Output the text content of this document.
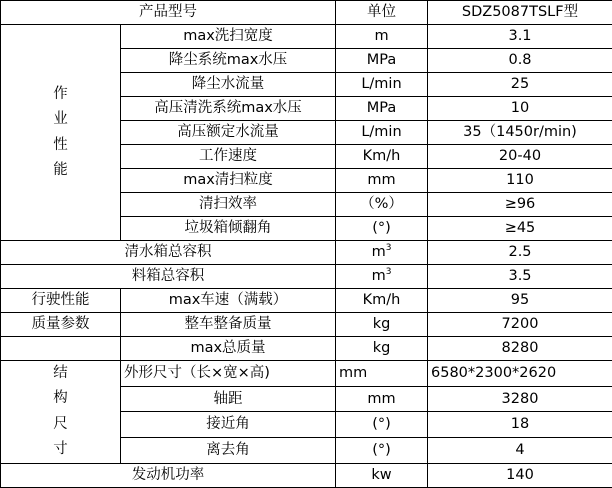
产品型号		单位	SDZ5087TSLF型
作
业
性
能	max洗扫宽度	m	3.1
	降尘系统max水压	MPa	0.8
	降尘水流量	L/min	25
	高压清洗系统max水压	MPa	10
	高压额定水流量	L/min	35（1450r/min)
	工作速度	Km/h	20-40
	max清扫粒度	mm	110
	清扫效率	（%）	≥96
	垃圾箱倾翻角	(°)	≥45
清水箱总容积		$m^3$	2.5
料箱总容积		$m^3$	3.5
行驶性能	max车速（满载）	Km/h	95
质量参数	整车整备质量	kg	7200
	max总质量	kg	8280
结
构
尺
寸	外形尺寸（长×宽×高)	mm	6580*2300*2620
	轴距	mm	3280
	接近角	(°)	18
	离去角	(°)	4
发动机功率		kw	140
